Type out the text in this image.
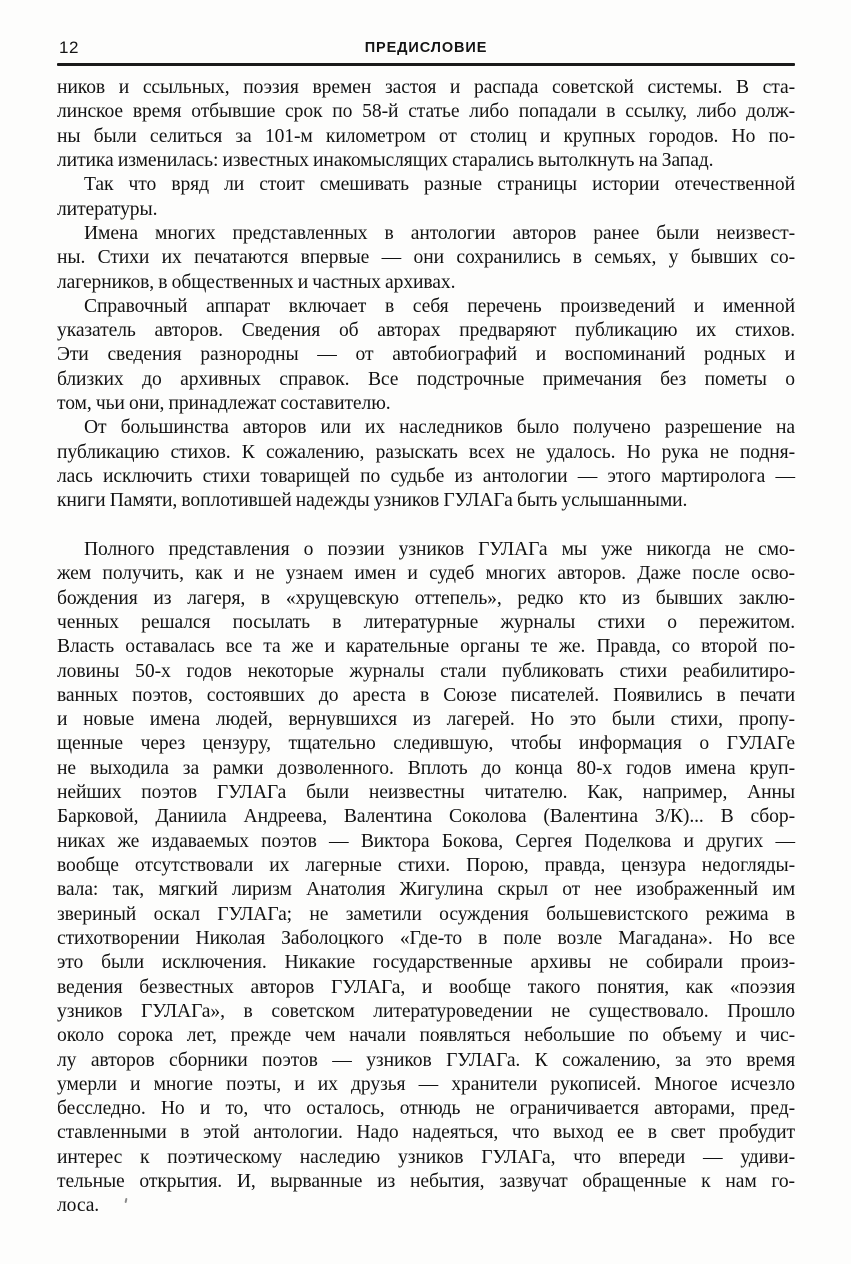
12	ПРЕДИСЛОВИЕ
ников и ссыльных, поэзия времен застоя и распада советской системы. В ста-
линское время отбывшие срок по 58-й статье либо попадали в ссылку, либо долж-
ны были селиться за 101-м километром от столиц и крупных городов. Но по-
литика изменилась: известных инакомыслящих старались вытолкнуть на Запад.
Так что вряд ли стоит смешивать разные страницы истории отечественной
литературы.
Имена многих представленных в антологии авторов ранее были неизвест-
ны. Стихи их печатаются впервые — они сохранились в семьях, у бывших со-
лагерников, в общественных и частных архивах.
Справочный аппарат включает в себя перечень произведений и именной
указатель авторов. Сведения об авторах предваряют публикацию их стихов.
Эти сведения разнородны — от автобиографий и воспоминаний родных и
близких до архивных справок. Все подстрочные примечания без пометы о
том, чьи они, принадлежат составителю.
От большинства авторов или их наследников было получено разрешение на
публикацию стихов. К сожалению, разыскать всех не удалось. Но рука не подня-
лась исключить стихи товарищей по судьбе из антологии — этого мартиролога —
книги Памяти, воплотившей надежды узников ГУЛАГа быть услышанными.
Полного представления о поэзии узников ГУЛАГа мы уже никогда не смо-
жем получить, как и не узнаем имен и судеб многих авторов. Даже после осво-
бождения из лагеря, в «хрущевскую оттепель», редко кто из бывших заклю-
ченных решался посылать в литературные журналы стихи о пережитом.
Власть оставалась все та же и карательные органы те же. Правда, со второй по-
ловины 50-х годов некоторые журналы стали публиковать стихи реабилитиро-
ванных поэтов, состоявших до ареста в Союзе писателей. Появились в печати
и новые имена людей, вернувшихся из лагерей. Но это были стихи, пропу-
щенные через цензуру, тщательно следившую, чтобы информация о ГУЛАГе
не выходила за рамки дозволенного. Вплоть до конца 80-х годов имена круп-
нейших поэтов ГУЛАГа были неизвестны читателю. Как, например, Анны
Барковой, Даниила Андреева, Валентина Соколова (Валентина З/К)... В сбор-
никах же издаваемых поэтов — Виктора Бокова, Сергея Поделкова и других —
вообще отсутствовали их лагерные стихи. Порою, правда, цензура недогляды-
вала: так, мягкий лиризм Анатолия Жигулина скрыл от нее изображенный им
звериный оскал ГУЛАГа; не заметили осуждения большевистского режима в
стихотворении Николая Заболоцкого «Где-то в поле возле Магадана». Но все
это были исключения. Никакие государственные архивы не собирали произ-
ведения безвестных авторов ГУЛАГа, и вообще такого понятия, как «поэзия
узников ГУЛАГа», в советском литературоведении не существовало. Прошло
около сорока лет, прежде чем начали появляться небольшие по объему и чис-
лу авторов сборники поэтов — узников ГУЛАГа. К сожалению, за это время
умерли и многие поэты, и их друзья — хранители рукописей. Многое исчезло
бесследно. Но и то, что осталось, отнюдь не ограничивается авторами, пред-
ставленными в этой антологии. Надо надеяться, что выход ее в свет пробудит
интерес к поэтическому наследию узников ГУЛАГа, что впереди — удиви-
тельные открытия. И, вырванные из небытия, зазвучат обращенные к нам го-
лоса.
